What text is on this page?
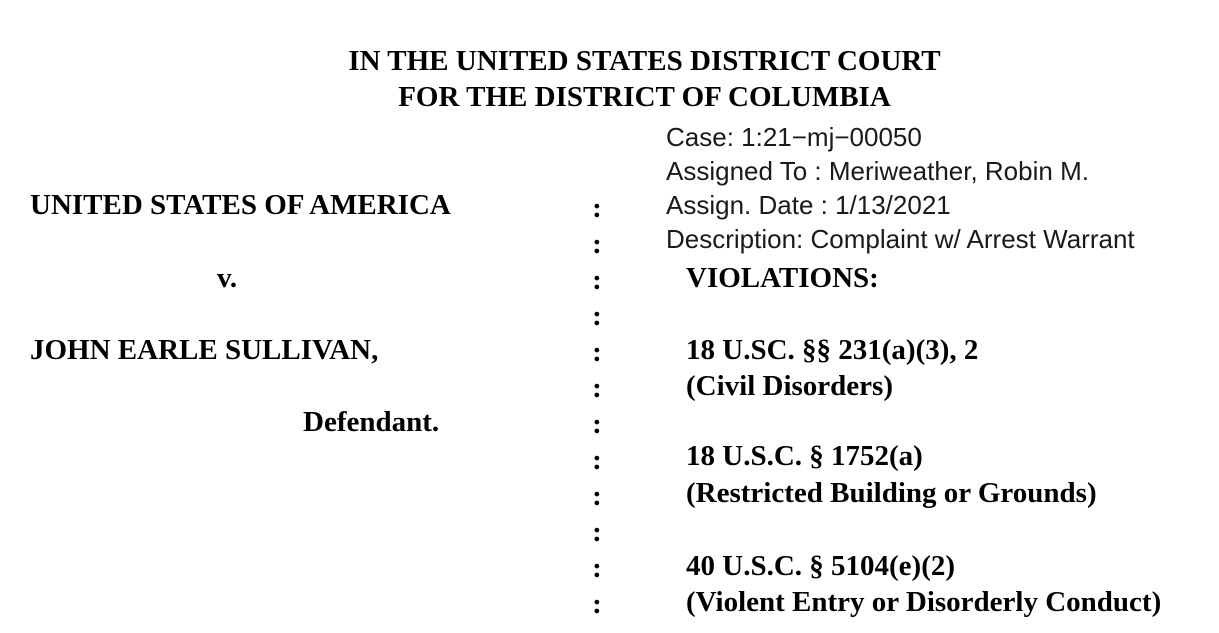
IN THE UNITED STATES DISTRICT COURT
FOR THE DISTRICT OF COLUMBIA
Case: 1:21−mj−00050
Assigned To : Meriweather, Robin M.
Assign. Date : 1/13/2021
Description: Complaint w/ Arrest Warrant
UNITED STATES OF AMERICA
v.
JOHN EARLE SULLIVAN,
Defendant.
:
:
:
:
:
:
:
:
:
:
:
:
VIOLATIONS:
18 U.SC. §§ 231(a)(3), 2
(Civil Disorders)
18 U.S.C. § 1752(a)
(Restricted Building or Grounds)
40 U.S.C. § 5104(e)(2)
(Violent Entry or Disorderly Conduct)
